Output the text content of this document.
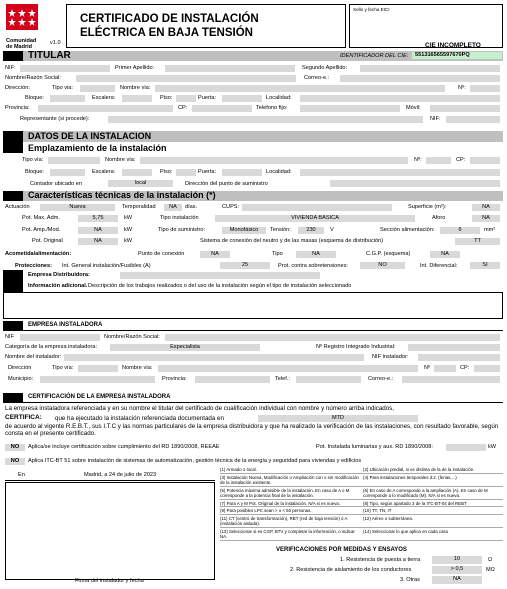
Comunidad
de Madrid
v1.0
CERTIFICADO DE INSTALACIÓN ELÉCTRICA EN BAJA TENSIÓN
Sello y fecha EICI
CIE INCOMPLETO
TITULAR	IDENTIFICADOR DEL CIE:	551316565597670PQ
NIF:	Primer Apellido:	Segundo Apellido:
Nombre/Razón Social:	Correo-e.:
Dirección:	Tipo via:	Nombre vía:	Nº:
Bloque:	Escalera:	Piso:	Puerta:	Localidad:
Provincia:	CP:	Telefono fijo:	Móvil:
Representante (si procede):	NIF:
DATOS DE LA INSTALACION
Emplazamiento de la instalación
Tipo vía:	Nombre vía:	Nº:	CP:
Bloque:	Escalera:	Piso:	Puerta:	Localidad:
Contador ubicado en	local	Dirección del punto de suministro
Características técnicas de la instalación (*)
Actuación	Nueva	Temporalidad	NA	días.	CUPS:	Superficie (m²):	NA
Pot. Max. Adm.	5,75	kW	Tipo instalación	VIVIENDA BÁSICA	Aforo	NA
Pot. Amp./Mod.	NA	kW	Tipo de suministro:	Monofásico	Tensión:	230	V	Sección alimentación:	6	mm²
Pot. Original	NA	kW	Sistema de conexión del neutro y de las masas (esquema de distribución)	TT
Acometida/alimentación:	Punto de conexión	NA	Tipo	NA	C.G.P. (esquema)	NA
Protecciones: Int. General instalación/Fusibles (A)	25	Prot. contra sobretensiones:	NO	Int. Diferencial:	SI
Empresa Distribuidora:
Información adicional. Descripción de los trabajos realizados o del uso de la instalación según el tipo de instalación seleccionado
EMPRESA INSTALADORA
NIF	Nombre/Razón Social:
Categoría de la empresa instaladora:	Especialista	Nº Registro Integrado Industrial:
Nombre del instalador:	NIF instalador:
Dirección	Tipo vía:	Nombre vía:	Nº	CP:
Municipio:	Provincia:	Telef.:	Correo-e.:
CERTIFICACIÓN DE LA EMPRESA INSTALADORA
La empresa instaladora referenciada y en su nombre el titular del certificado de cualificación individual con nombre y número arriba indicados,
CERTIFICA: que ha ejecutado la instalación referenciada documentada en	MTD
de acuerdo al vigente R.E.B.T., sus I.T.C y las normas particulares de la empresa distribuidora y que ha realizado la verificación de las instalaciones, con resultado favorable, según consta en el presente certificado.
NO	Aplica/se incluye certificación sobre cumplimiento del RD 1890/2008, REEAE	Pot. Instalada luminarias y aux. RD 1890/2008:	kW
NO	Aplica ITC-BT 51 sobre instalación de sistemas de automatización, gestión técnica de la energía y seguridad para viviendas y edificios
En	Madrid, a 24 de julio de 2023
Firma del instalador y fecha
(1) Armado o local.	(2) Ubicación predial, si es distinta de la de la instalación.
(3) Instalación Nueva, Modificación o Ampliación con o sin modificación de la instalación existente.
(4) Para instalaciones temporales d.2. (ferias,...)
(5) Potencia máxima admisible de la instalación. En caso de A o M corresponde a la potencia final de la instalación.
(6) En caso de A corresponde a la ampliación (A). En caso de M corresponde a lo modificado (M). N/A si es nueva.
(7) Para A y M Pot. Original de la instalación. N/A si es nueva.	(8) Tipo, según apartado 3 de la ITC-BT-04 del REBT
(9) Para posibles LPC sean > o < 50 personas.	(10) TT, TN, IT
(11) CT (centro de transformación), RBT (red de baja tensión) ó A (instalación aislada).
(12) Aéreo o subterránea.
(13) Seleccionar si es CGP, BTV y completar la información, o indicar NA.
(14) Seleccionar lo que aplica en cada caso
VERIFICACIONES POR MEDIDAS Y ENSAYOS
1. Resistencia de puesta a tierra	10	Ω
2. Resistencia de aislamiento de los conductores	> 0,5	MΩ
3. Otras	NA
